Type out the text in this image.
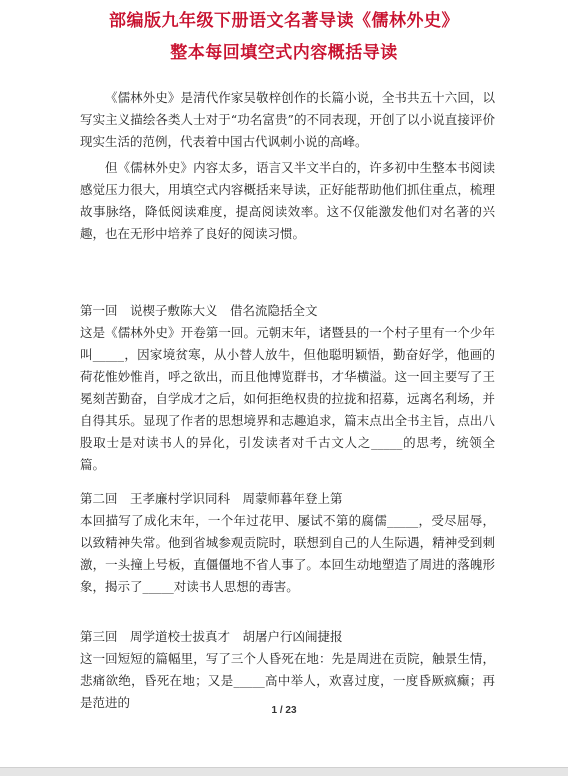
部编版九年级下册语文名著导读《儒林外史》
整本每回填空式内容概括导读

《儒林外史》是清代作家吴敬梓创作的长篇小说，全书共五十六回，以写实主义描绘各类人士对于“功名富贵”的不同表现，开创了以小说直接评价现实生活的范例，代表着中国古代讽刺小说的高峰。

但《儒林外史》内容太多，语言又半文半白的，许多初中生整本书阅读感觉压力很大，用填空式内容概括来导读，正好能帮助他们抓住重点，梳理故事脉络，降低阅读难度，提高阅读效率。这不仅能激发他们对名著的兴趣，也在无形中培养了良好的阅读习惯。

第一回　说楔子敷陈大义　借名流隐括全文

这是《儒林外史》开卷第一回。元朝末年，诸暨县的一个村子里有一个少年叫_____，因家境贫寒，从小替人放牛，但他聪明颖悟，勤奋好学，他画的荷花惟妙惟肖，呼之欲出，而且他博览群书，才华横溢。这一回主要写了王冕刻苦勤奋，自学成才之后，如何拒绝权贵的拉拢和招募，远离名利场，并自得其乐。显现了作者的思想境界和志趣追求，篇末点出全书主旨，点出八股取士是对读书人的异化，引发读者对千古文人之_____的思考，统领全篇。

第二回　王孝廉村学识同科　周蒙师暮年登上第

本回描写了成化末年，一个年过花甲、屡试不第的腐儒_____，受尽屈辱，以致精神失常。他到省城参观贡院时，联想到自己的人生际遇，精神受到刺激，一头撞上号板，直僵僵地不省人事了。本回生动地塑造了周进的落魄形象，揭示了_____对读书人思想的毒害。

第三回　周学道校士拔真才　胡屠户行凶闹捷报

这一回短短的篇幅里，写了三个人昏死在地：先是周进在贡院，触景生情，悲痛欲绝，昏死在地；又是_____高中举人，欢喜过度，一度昏厥疯癫；再是范进的

1 / 23
